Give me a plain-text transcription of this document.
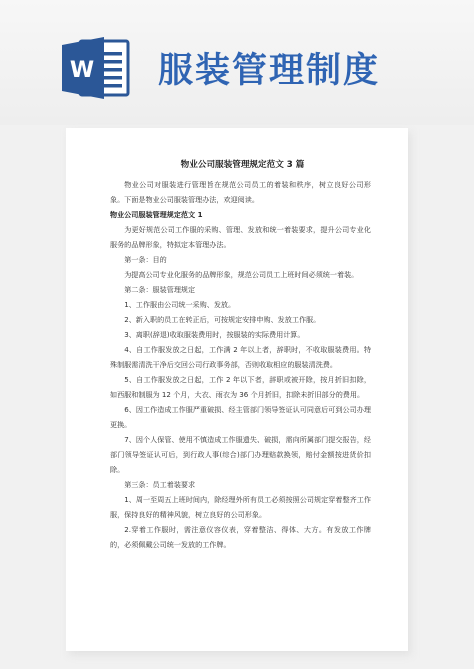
W 服装管理制度
物业公司服装管理规定范文 3 篇

物业公司对服装进行管理旨在规范公司员工的着装和秩序，树立良好公司形象。下面是物业公司服装管理办法，欢迎阅读。

物业公司服装管理规定范文 1

为更好规范公司工作服的采购、管理、发放和统一着装要求，提升公司专业化服务的品牌形象，特拟定本管理办法。

第一条：目的

为提高公司专业化服务的品牌形象，规范公司员工上班时间必须统一着装。

第二条：服装管理规定

1、工作服由公司统一采购、发放。

2、新入职的员工在转正后，可按规定安排申购、发放工作服。

3、离职(辞退)收取服装费用时，按服装的实际费用计算。

4、自工作服发放之日起，工作满 2 年以上者，辞职时，不收取服装费用。特殊制服需清洗干净后交回公司行政事务部，否则收取相应的服装清洗费。

5、自工作服发放之日起，工作 2 年以下者，辞职或被开除，按月折旧扣除，如西服和制服为 12 个月，大衣、雨衣为 36 个月折旧，扣除未折旧部分的费用。

6、因工作造成工作服严重破损、经主管部门领导签证认可同意后可到公司办理更换。

7、因个人保管、使用不慎造成工作服遗失、破损，需向所属部门提交报告，经部门领导签证认可后，到行政人事(综合)部门办理赔款换领，赔付金额按进货价扣除。

第三条：员工着装要求

1、周一至周五上班时间内，除经理外所有员工必须按照公司规定穿着整齐工作服，保持良好的精神风貌，树立良好的公司形象。

2.穿着工作服时，需注意仪容仪表，穿着整洁、得体、大方。有发放工作牌的，必须佩戴公司统一发放的工作牌。
